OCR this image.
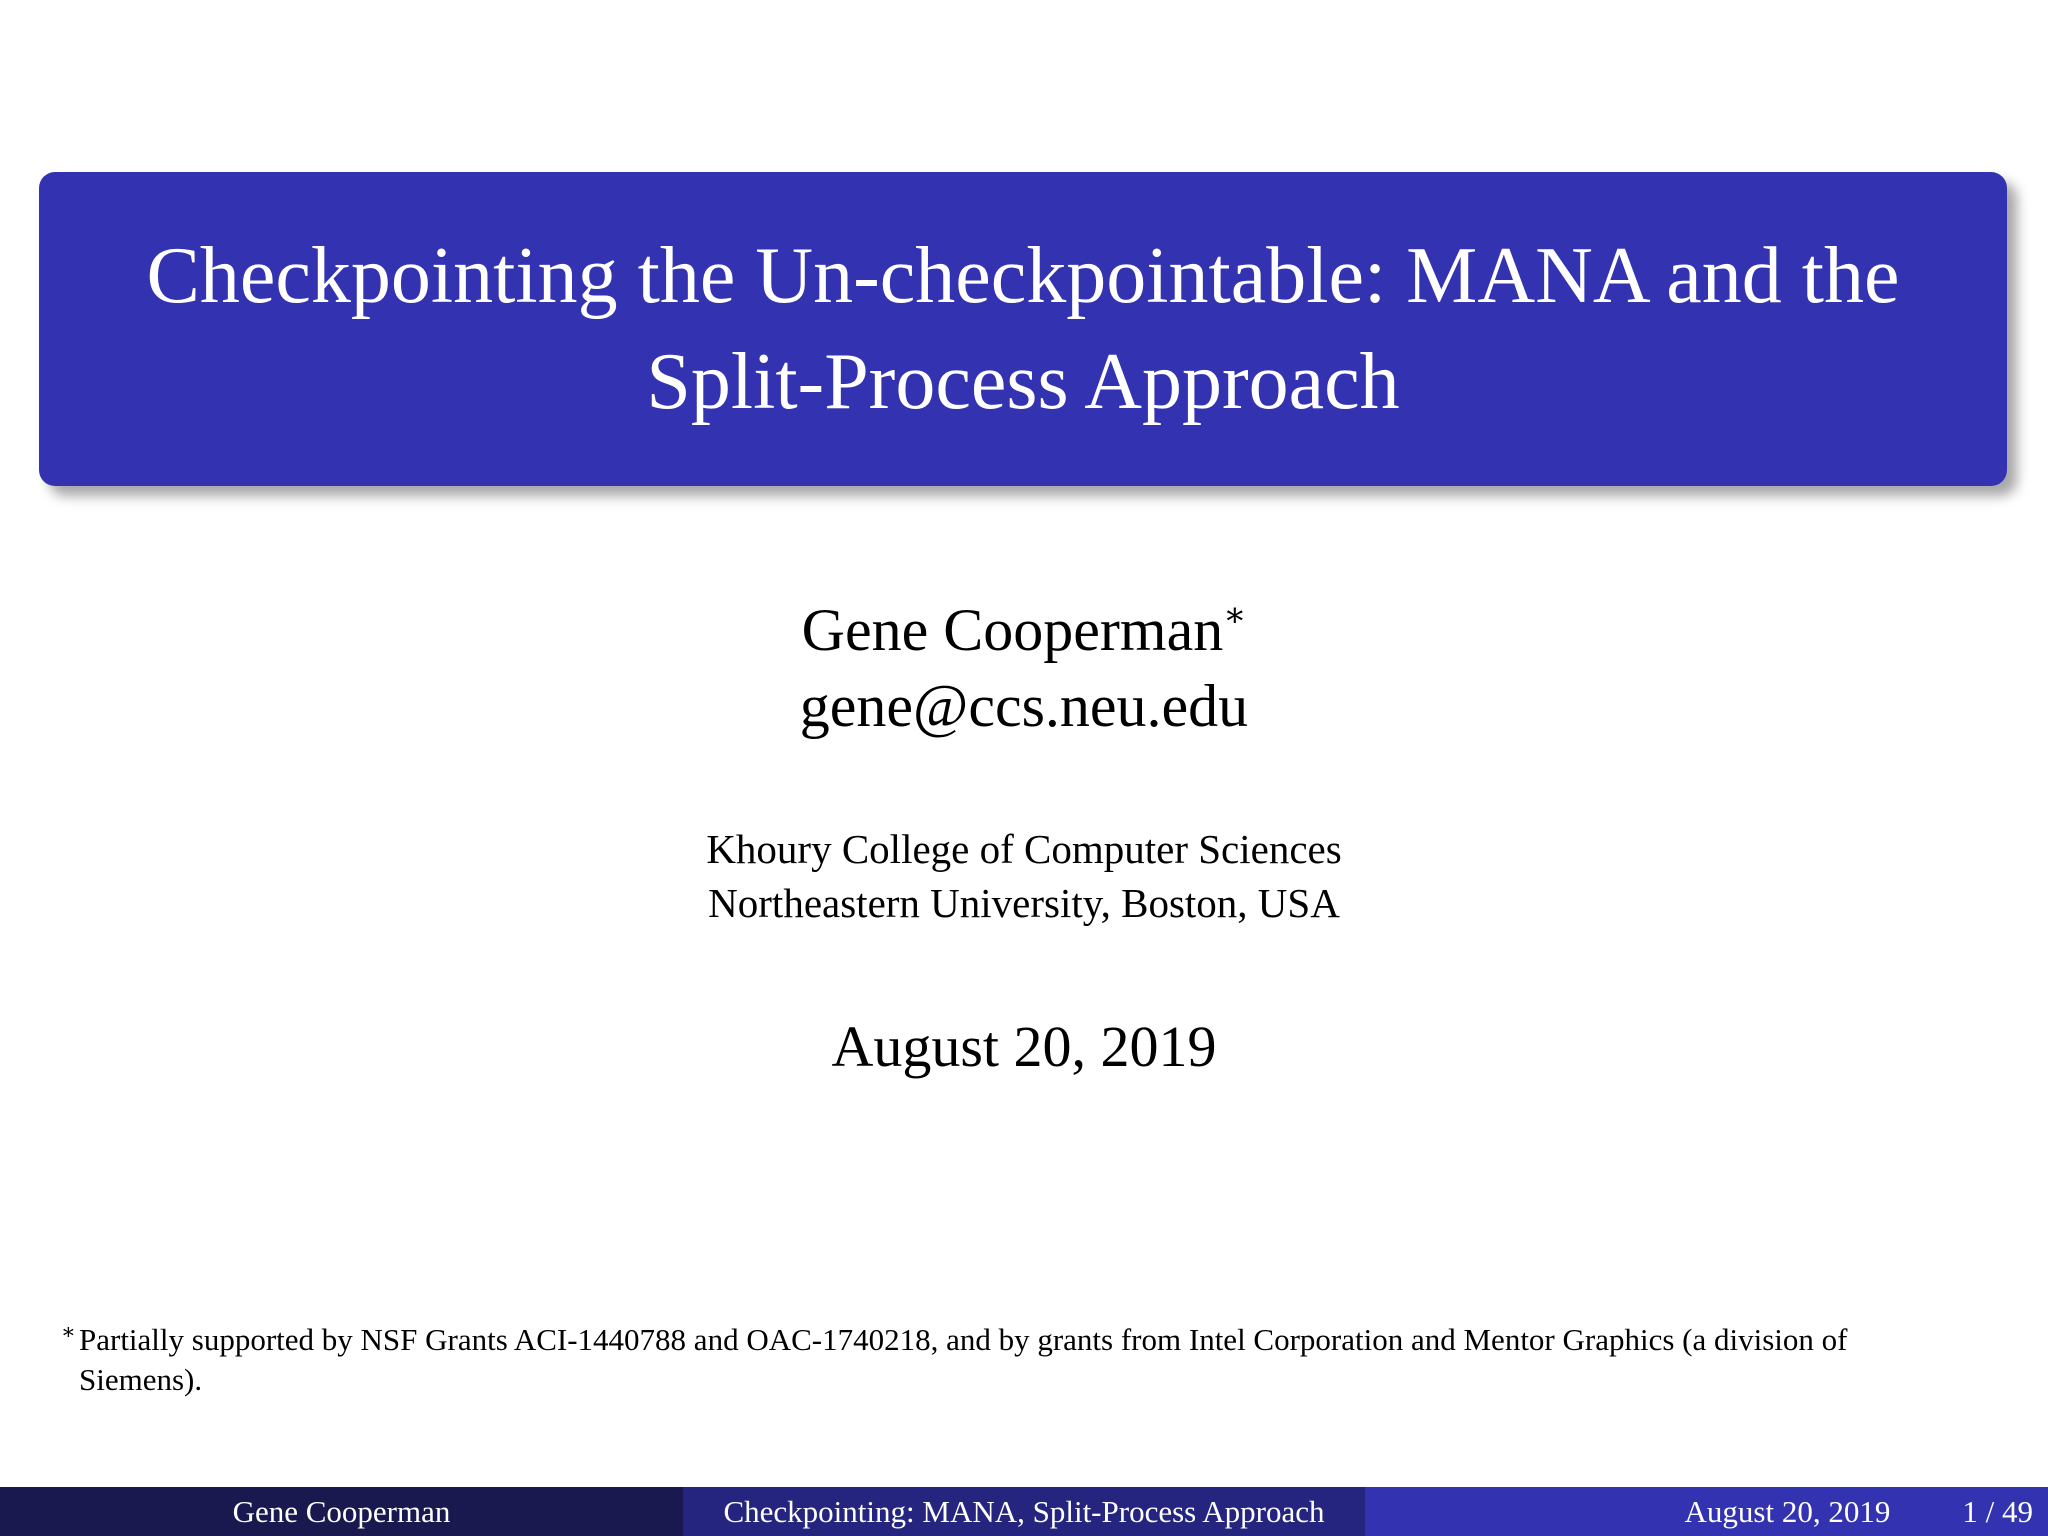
Checkpointing the Un-checkpointable: MANA and the
Split-Process Approach
Gene Cooperman∗
gene@ccs.neu.edu
Khoury College of Computer Sciences
Northeastern University, Boston, USA
August 20, 2019
∗ Partially supported by NSF Grants ACI-1440788 and OAC-1740218, and by grants from Intel Corporation and Mentor Graphics (a division of
Siemens).
Gene Cooperman	Checkpointing: MANA, Split-Process Approach	August 20, 2019 1 / 49
